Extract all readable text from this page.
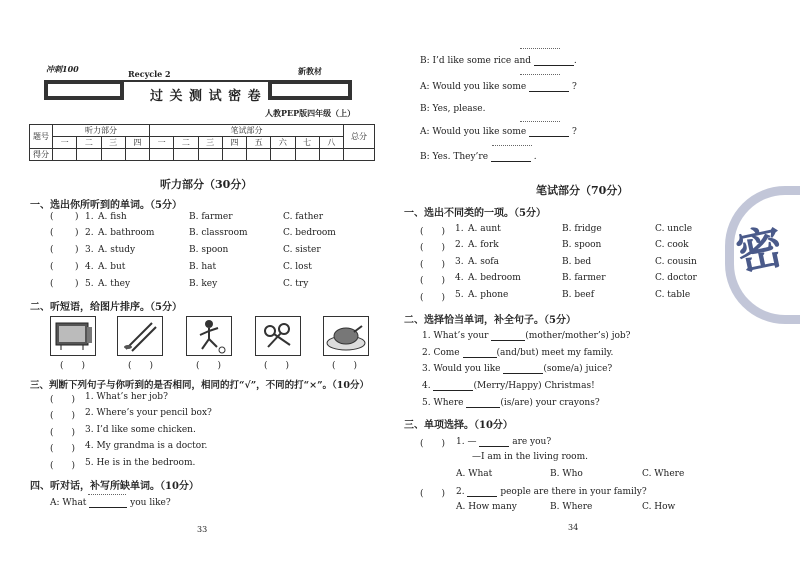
冲刺100	Recycle 2	新教材
过 关 测 试 密 卷
人教PEP版四年级（上）
题号	听力部分				笔试部分								总分
	一	二	三	四	一	二	三	四	五	六	七	八	
得分													
听力部分（30分）
一、选出你所听到的单词。（5分）
( ) 1. A. fish	B. farmer	C. father
( ) 2. A. bathroom	B. classroom	C. bedroom
( ) 3. A. study	B. spoon	C. sister
( ) 4. A. but	B. hat	C. lost
( ) 5. A. they	B. key	C. try
二、听短语，给图片排序。（5分）
(　　)	(　　)	(　　)	(　　)	(　　)
三、判断下列句子与你听到的是否相同，相同的打“√”，不同的打“×”。（10分）
(　　) 1. What’s her job?
(　　) 2. Where’s your pencil box?
(　　) 3. I’d like some chicken.
(　　) 4. My grandma is a doctor.
(　　) 5. He is in the bedroom.
四、听对话，补写所缺单词。（10分）
A: What	you like?
33
密
B: I’d like some rice and	.
A: Would you like some	?
B: Yes, please.
A: Would you like some	?
B: Yes. They’re	.
笔试部分（70分）
一、选出不同类的一项。（5分）
(　　) 1. A. aunt	B. fridge	C. uncle
(　　) 2. A. fork	B. spoon	C. cook
(　　) 3. A. sofa	B. bed	C. cousin
(　　) 4. A. bedroom	B. farmer	C. doctor
(　　) 5. A. phone	B. beef	C. table
二、选择恰当单词，补全句子。（5分）
1. What’s your	(mother/mother’s) job?
2. Come	(and/but) meet my family.
3. Would you like	(some/a) juice?
4.	(Merry/Happy) Christmas!
5. Where	(is/are) your crayons?
三、单项选择。（10分）
(　　) 1. —	are you?
—I am in the living room.
A. What	B. Who	C. Where
(　　) 2.	people are there in your family?
A. How many	B. Where	C. How
34
